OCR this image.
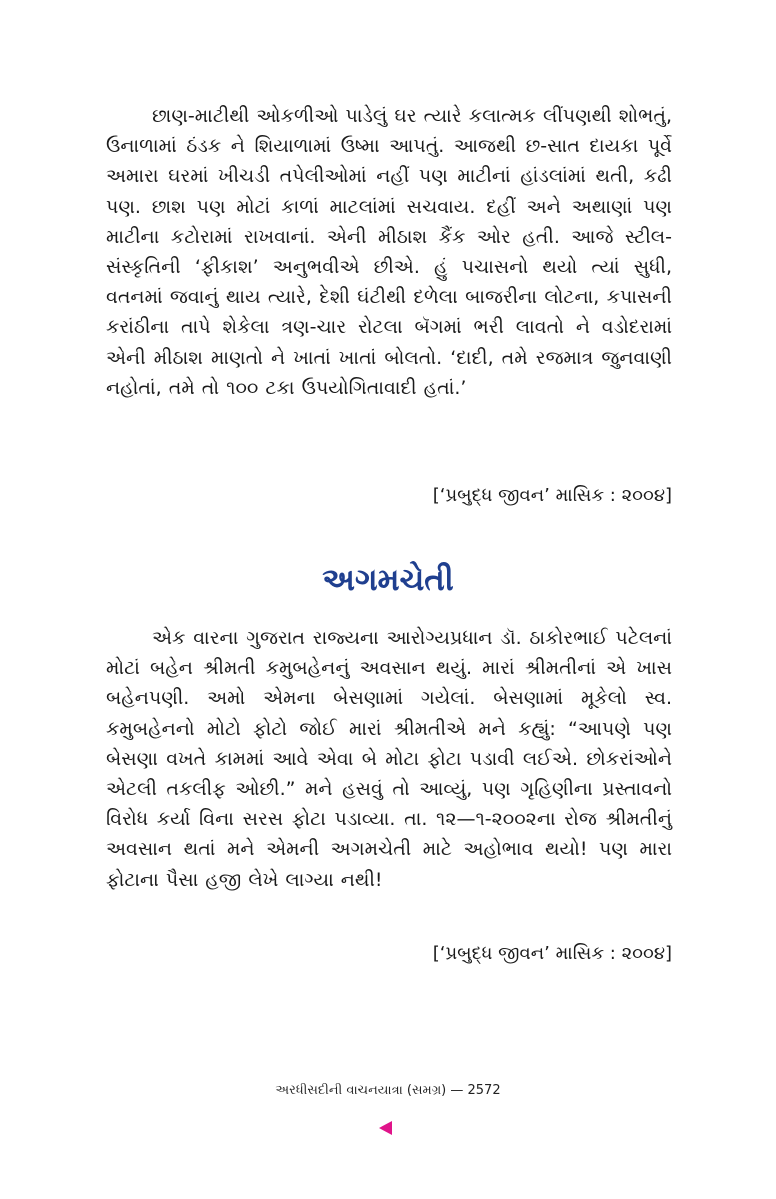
છાણ-માટીથી ઓકળીઓ પાડેલું ઘર ત્યારે કલાત્મક લીંપણથી શોભતું, ઉનાળામાં ઠંડક ને શિયાળામાં ઉષ્મા આપતું. આજથી છ-સાત દાયકા પૂર્વે અમારા ઘરમાં ખીચડી તપેલીઓમાં નહીં પણ માટીનાં હાંડલાંમાં થતી, કઢી પણ. છાશ પણ મોટાં કાળાં માટલાંમાં સચવાય. દહીં અને અથાણાં પણ માટીના કટોરામાં રાખવાનાં. એની મીઠાશ કૈંક ઓર હતી. આજે સ્ટીલ-સંસ્કૃતિની ‘ફીકાશ’ અનુભવીએ છીએ. હું પચાસનો થયો ત્યાં સુધી, વતનમાં જવાનું થાય ત્યારે, દેશી ઘંટીથી દળેલા બાજરીના લોટના, કપાસની કરાંઠીના તાપે શેકેલા ત્રણ-ચાર રોટલા બૅગમાં ભરી લાવતો ને વડોદરામાં એની મીઠાશ માણતો ને ખાતાં ખાતાં બોલતો. ‘દાદી, તમે રજમાત્ર જુનવાણી નહોતાં, તમે તો ૧૦૦ ટકા ઉપયોગિતાવાદી હતાં.’

[‘પ્રબુદ્ધ જીવન’ માસિક : ૨૦૦૪]

અગમચેતી

એક વારના ગુજરાત રાજ્યના આરોગ્યપ્રધાન ડૉ. ઠાકોરભાઈ પટેલનાં મોટાં બહેન શ્રીમતી કમુબહેનનું અવસાન થયું. મારાં શ્રીમતીનાં એ ખાસ બહેનપણી. અમો એમના બેસણામાં ગયેલાં. બેસણામાં મૂકેલો સ્વ. કમુબહેનનો મોટો ફોટો જોઈ મારાં શ્રીમતીએ મને કહ્યું: “આપણે પણ બેસણા વખતે કામમાં આવે એવા બે મોટા ફોટા પડાવી લઈએ. છોકરાંઓને એટલી તકલીફ ઓછી.” મને હસવું તો આવ્યું, પણ ગૃહિણીના પ્રસ્તાવનો વિરોધ કર્યા વિના સરસ ફોટા પડાવ્યા. તા. ૧૨—૧-૨૦૦૨ના રોજ શ્રીમતીનું અવસાન થતાં મને એમની અગમચેતી માટે અહોભાવ થયો! પણ મારા ફોટાના પૈસા હજી લેખે લાગ્યા નથી!

[‘પ્રબુદ્ધ જીવન’ માસિક : ૨૦૦૪]

અરધીસદીની વાચનયાત્રા (સમગ્ર) — 2572
